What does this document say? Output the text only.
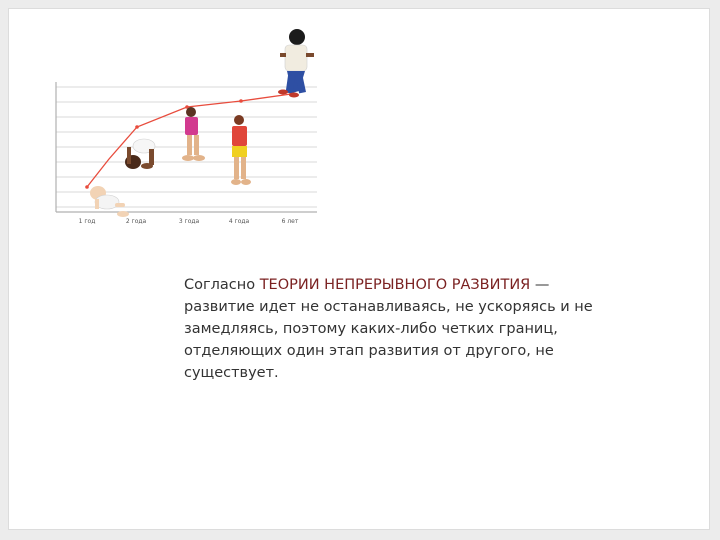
1 год	2 года	3 года	4 года	6 лет

Согласно ТЕОРИИ НЕПРЕРЫВНОГО РАЗВИТИЯ — развитие идет не останавливаясь, не ускоряясь и не замедляясь, поэтому каких-либо четких границ, отделяющих один этап развития от другого, не существует.
